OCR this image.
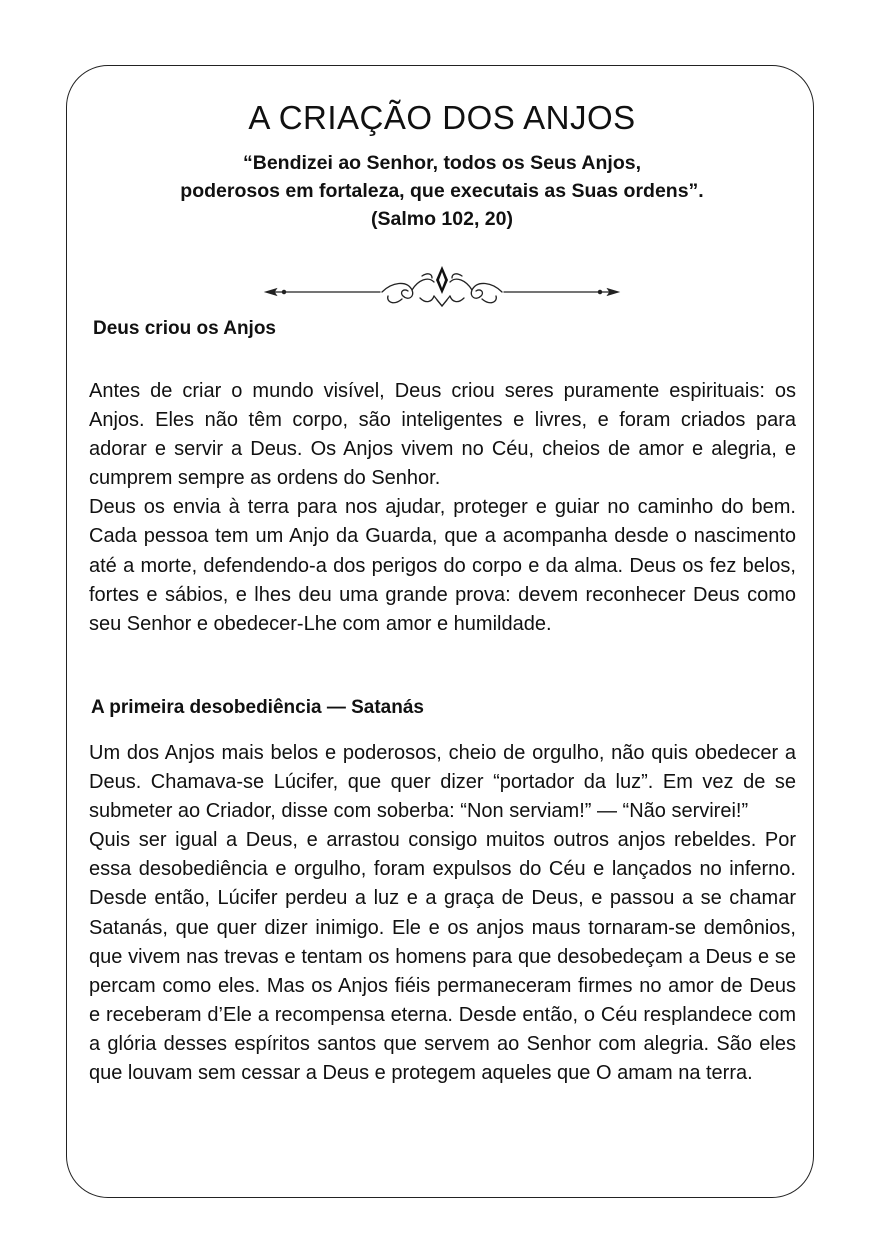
A CRIAÇÃO DOS ANJOS

“Bendizei ao Senhor, todos os Seus Anjos,
poderosos em fortaleza, que executais as Suas ordens”.
(Salmo 102, 20)

Deus criou os Anjos
Antes de criar o mundo visível, Deus criou seres puramente espirituais: os Anjos. Eles não têm corpo, são inteligentes e livres, e foram criados para adorar e servir a Deus. Os Anjos vivem no Céu, cheios de amor e alegria, e cumprem sempre as ordens do Senhor.
Deus os envia à terra para nos ajudar, proteger e guiar no caminho do bem. Cada pessoa tem um Anjo da Guarda, que a acompanha desde o nascimento até a morte, defendendo-a dos perigos do corpo e da alma. Deus os fez belos, fortes e sábios, e lhes deu uma grande prova: devem reconhecer Deus como seu Senhor e obedecer-Lhe com amor e humildade.
A primeira desobediência — Satanás
Um dos Anjos mais belos e poderosos, cheio de orgulho, não quis obedecer a Deus. Chamava-se Lúcifer, que quer dizer “portador da luz”. Em vez de se submeter ao Criador, disse com soberba: “Non serviam!” — “Não servirei!”
Quis ser igual a Deus, e arrastou consigo muitos outros anjos rebeldes. Por essa desobediência e orgulho, foram expulsos do Céu e lançados no inferno. Desde então, Lúcifer perdeu a luz e a graça de Deus, e passou a se chamar Satanás, que quer dizer inimigo. Ele e os anjos maus tornaram-se demônios, que vivem nas trevas e tentam os homens para que desobedeçam a Deus e se percam como eles. Mas os Anjos fiéis permaneceram firmes no amor de Deus e receberam d’Ele a recompensa eterna. Desde então, o Céu resplandece com a glória desses espíritos santos que servem ao Senhor com alegria. São eles que louvam sem cessar a Deus e protegem aqueles que O amam na terra.
